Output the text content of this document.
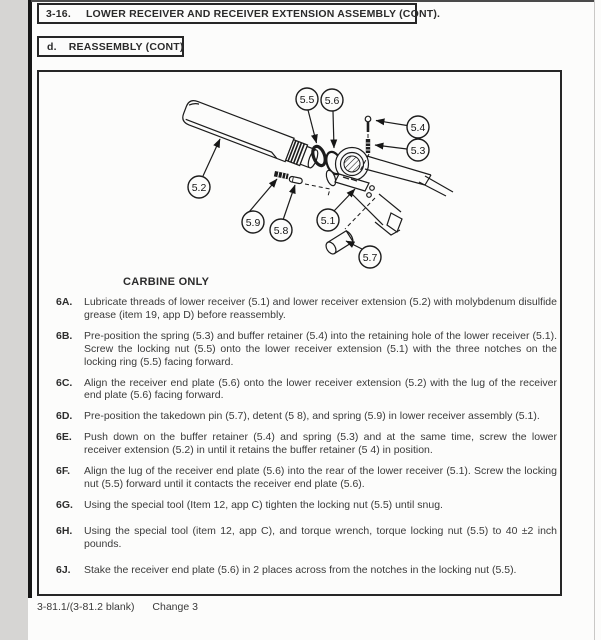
3-16. LOWER RECEIVER AND RECEIVER EXTENSION ASSEMBLY (CONT).
d. REASSEMBLY (CONT)
5.5 5.6
5.4
5.3
5.2
5.9
5.8
5.1
5.7
CARBINE ONLY
6A.	Lubricate threads of lower receiver (5.1) and lower receiver extension (5.2) with molybdenum disulfide grease (item 19, app D) before reassembly.
6B.	Pre-position the spring (5.3) and buffer retainer (5.4) into the retaining hole of the lower receiver (5.1). Screw the locking nut (5.5) onto the lower receiver extension (5.1) with the three notches on the locking ring (5.5) facing forward.
6C.	Align the receiver end plate (5.6) onto the lower receiver extension (5.2) with the lug of the receiver end plate (5.6) facing forward.
6D.	Pre-position the takedown pin (5.7), detent (5 8), and spring (5.9) in lower receiver assembly (5.1).
6E.	Push down on the buffer retainer (5.4) and spring (5.3) and at the same time, screw the lower receiver extension (5.2) in until it retains the buffer retainer (5 4) in position.
6F.	Align the lug of the receiver end plate (5.6) into the rear of the lower receiver (5.1). Screw the locking nut (5.5) forward until it contacts the receiver end plate (5.6).
6G.	Using the special tool (Item 12, app C) tighten the locking nut (5.5) until snug.
6H.	Using the special tool (item 12, app C), and torque wrench, torque locking nut (5.5) to 40 ±2 inch pounds.
6J.	Stake the receiver end plate (5.6) in 2 places across from the notches in the locking nut (5.5).
3-81.1/(3-81.2 blank) Change 3
